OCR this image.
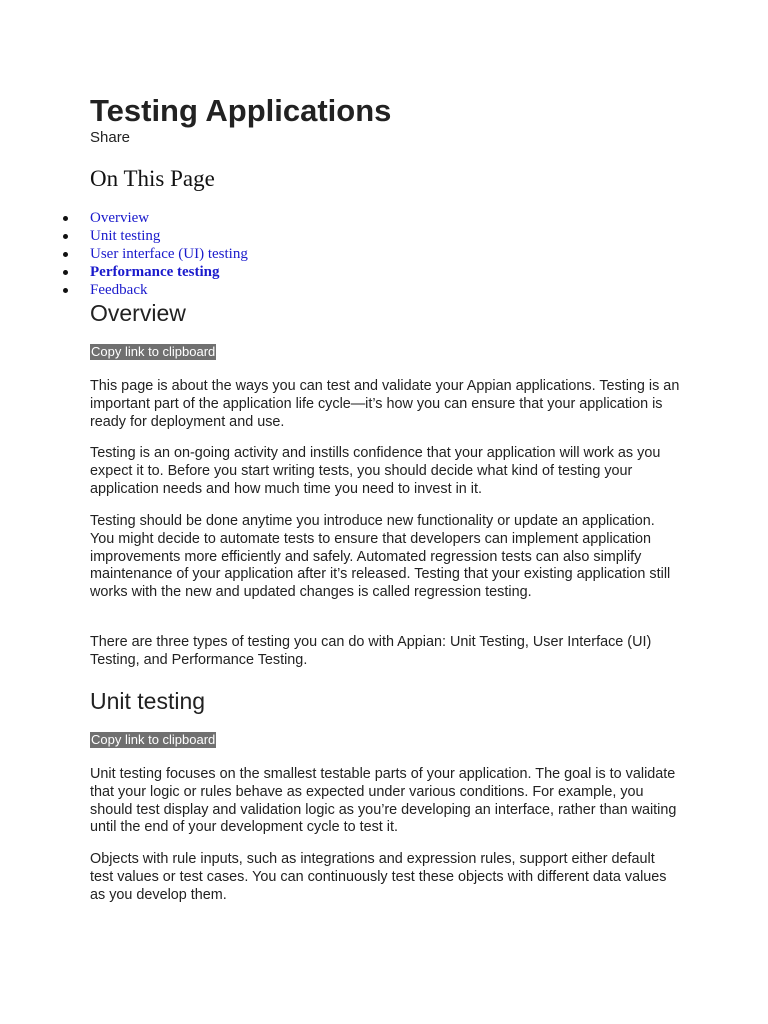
Testing Applications
Share
On This Page
Overview
Unit testing
User interface (UI) testing
Performance testing
Feedback
Overview
Copy link to clipboard

This page is about the ways you can test and validate your Appian applications. Testing is an important part of the application life cycle—it’s how you can ensure that your application is ready for deployment and use.

Testing is an on-going activity and instills confidence that your application will work as you expect it to. Before you start writing tests, you should decide what kind of testing your application needs and how much time you need to invest in it.

Testing should be done anytime you introduce new functionality or update an application. You might decide to automate tests to ensure that developers can implement application improvements more efficiently and safely. Automated regression tests can also simplify maintenance of your application after it’s released. Testing that your existing application still works with the new and updated changes is called regression testing.

There are three types of testing you can do with Appian: Unit Testing, User Interface (UI) Testing, and Performance Testing.

Unit testing
Copy link to clipboard

Unit testing focuses on the smallest testable parts of your application. The goal is to validate that your logic or rules behave as expected under various conditions. For example, you should test display and validation logic as you’re developing an interface, rather than waiting until the end of your development cycle to test it.

Objects with rule inputs, such as integrations and expression rules, support either default test values or test cases. You can continuously test these objects with different data values as you develop them.
